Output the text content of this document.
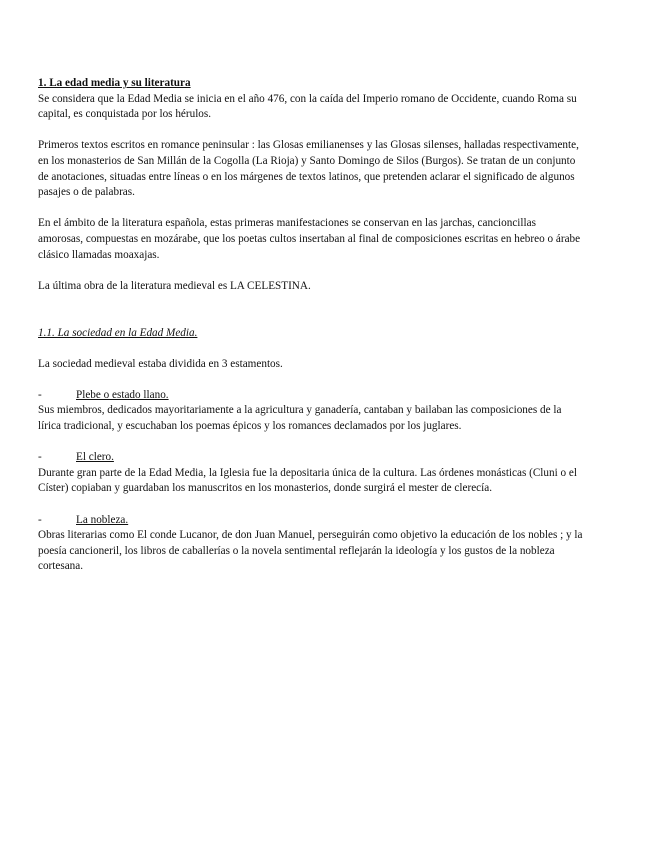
1. La edad media y su literatura

Se considera que la Edad Media se inicia en el año 476, con la caída del Imperio romano de Occidente, cuando Roma su capital, es conquistada por los hérulos.

Primeros textos escritos en romance peninsular : las Glosas emilianenses y las Glosas silenses, halladas respectivamente, en los monasterios de San Millán de la Cogolla (La Rioja) y Santo Domingo de Silos (Burgos). Se tratan de un conjunto de anotaciones, situadas entre líneas o en los márgenes de textos latinos, que pretenden aclarar el significado de algunos pasajes o de palabras.

En el ámbito de la literatura española, estas primeras manifestaciones se conservan en las jarchas, cancioncillas amorosas, compuestas en mozárabe, que los poetas cultos insertaban al final de composiciones escritas en hebreo o árabe clásico llamadas moaxajas.

La última obra de la literatura medieval es LA CELESTINA.

1.1. La sociedad en la Edad Media.

La sociedad medieval estaba dividida en 3 estamentos.

-	Plebe o estado llano.

Sus miembros, dedicados mayoritariamente a la agricultura y ganadería, cantaban y bailaban las composiciones de la lírica tradicional, y escuchaban los poemas épicos y los romances declamados por los juglares.

-	El clero.

Durante gran parte de la Edad Media, la Iglesia fue la depositaria única de la cultura. Las órdenes monásticas (Cluni o el Císter) copiaban y guardaban los manuscritos en los monasterios, donde surgirá el mester de clerecía.

-	La nobleza.

Obras literarias como El conde Lucanor, de don Juan Manuel, perseguirán como objetivo la educación de los nobles ; y la poesía cancioneril, los libros de caballerías o la novela sentimental reflejarán la ideología y los gustos de la nobleza cortesana.
